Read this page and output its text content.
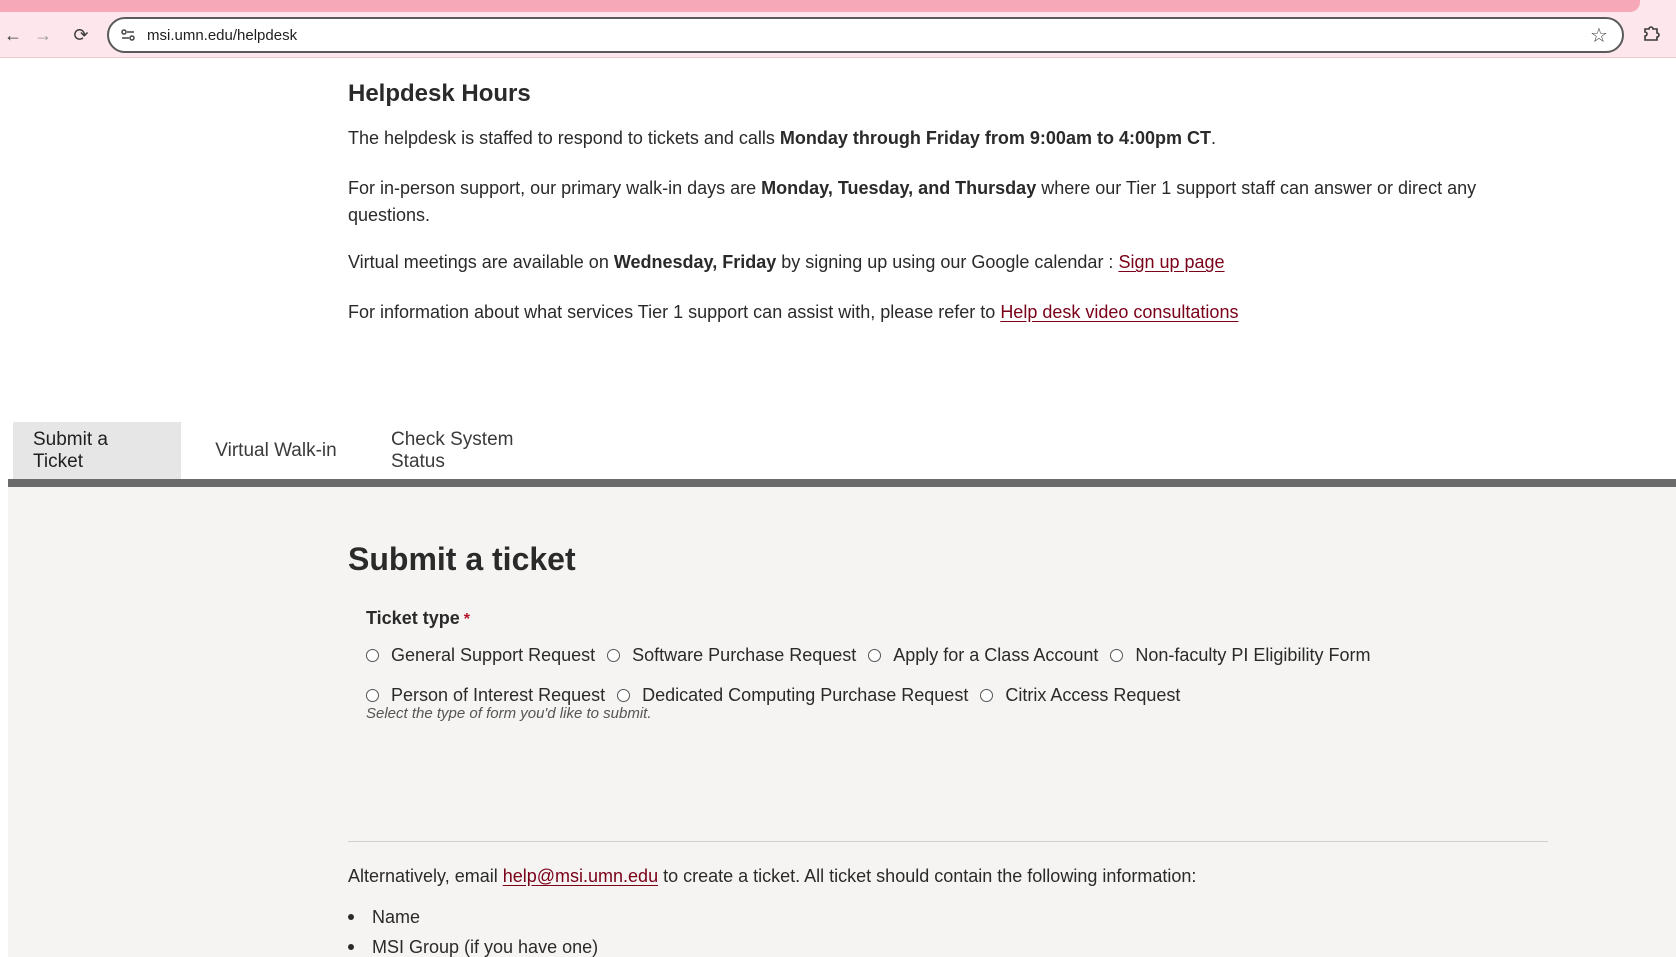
← → ⟳	msi.umn.edu/helpdesk	☆
Helpdesk Hours

The helpdesk is staffed to respond to tickets and calls Monday through Friday from 9:00am to 4:00pm CT.

For in-person support, our primary walk-in days are Monday, Tuesday, and Thursday where our Tier 1 support staff can answer or direct any questions.

Virtual meetings are available on Wednesday, Friday by signing up using our Google calendar : Sign up page

For information about what services Tier 1 support can assist with, please refer to Help desk video consultations

Submit a Ticket
Virtual Walk-in
Check System Status
Submit a ticket
Ticket type *
General Support Request Software Purchase Request Apply for a Class Account Non-faculty PI Eligibility Form
Person of Interest Request Dedicated Computing Purchase Request Citrix Access Request
Select the type of form you'd like to submit.
Alternatively, email help@msi.umn.edu to create a ticket. All ticket should contain the following information:
Name
MSI Group (if you have one)
